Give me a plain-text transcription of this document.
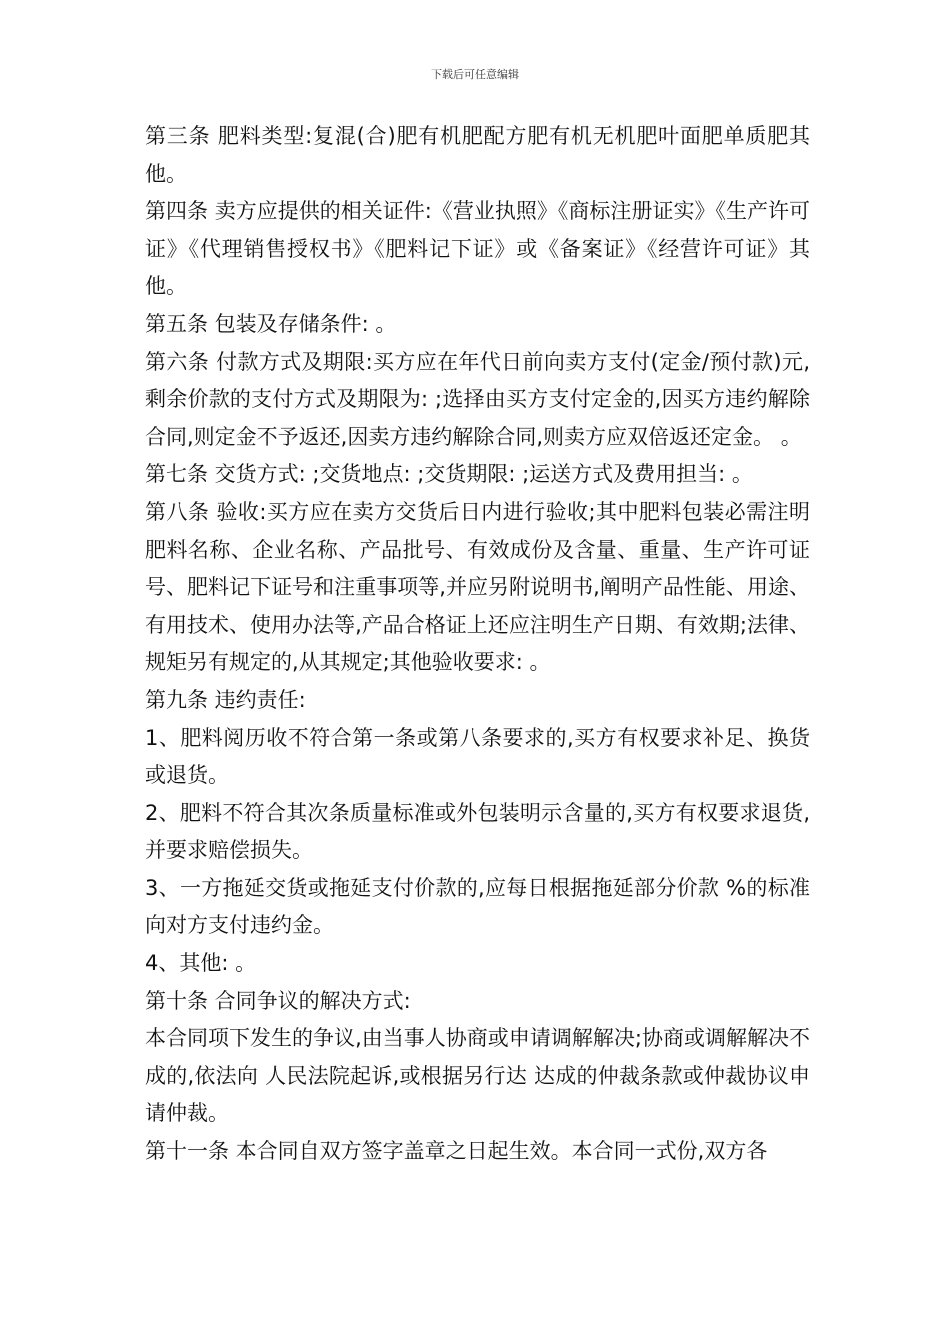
下载后可任意编辑

第三条 肥料类型:复混(合)肥有机肥配方肥有机无机肥叶面肥单质肥其他。

第四条 卖方应提供的相关证件:《营业执照》《商标注册证实》《生产许可证》《代理销售授权书》《肥料记下证》或《备案证》《经营许可证》其他。

第五条 包装及存储条件: 。

第六条 付款方式及期限:买方应在年代日前向卖方支付(定金/预付款)元,剩余价款的支付方式及期限为: ;选择由买方支付定金的,因买方违约解除合同,则定金不予返还,因卖方违约解除合同,则卖方应双倍返还定金。 。

第七条 交货方式: ;交货地点: ;交货期限: ;运送方式及费用担当: 。

第八条 验收:买方应在卖方交货后日内进行验收;其中肥料包装必需注明肥料名称、企业名称、产品批号、有效成份及含量、重量、生产许可证号、肥料记下证号和注重事项等,并应另附说明书,阐明产品性能、用途、有用技术、使用办法等,产品合格证上还应注明生产日期、有效期;法律、规矩另有规定的,从其规定;其他验收要求: 。

第九条 违约责任:

1、肥料阅历收不符合第一条或第八条要求的,买方有权要求补足、换货或退货。

2、肥料不符合其次条质量标准或外包装明示含量的,买方有权要求退货,并要求赔偿损失。

3、一方拖延交货或拖延支付价款的,应每日根据拖延部分价款 %的标准向对方支付违约金。

4、其他: 。

第十条 合同争议的解决方式:

本合同项下发生的争议,由当事人协商或申请调解解决;协商或调解解决不成的,依法向 人民法院起诉,或根据另行达 达成的仲裁条款或仲裁协议申请仲裁。

第十一条 本合同自双方签字盖章之日起生效。本合同一式份,双方各
